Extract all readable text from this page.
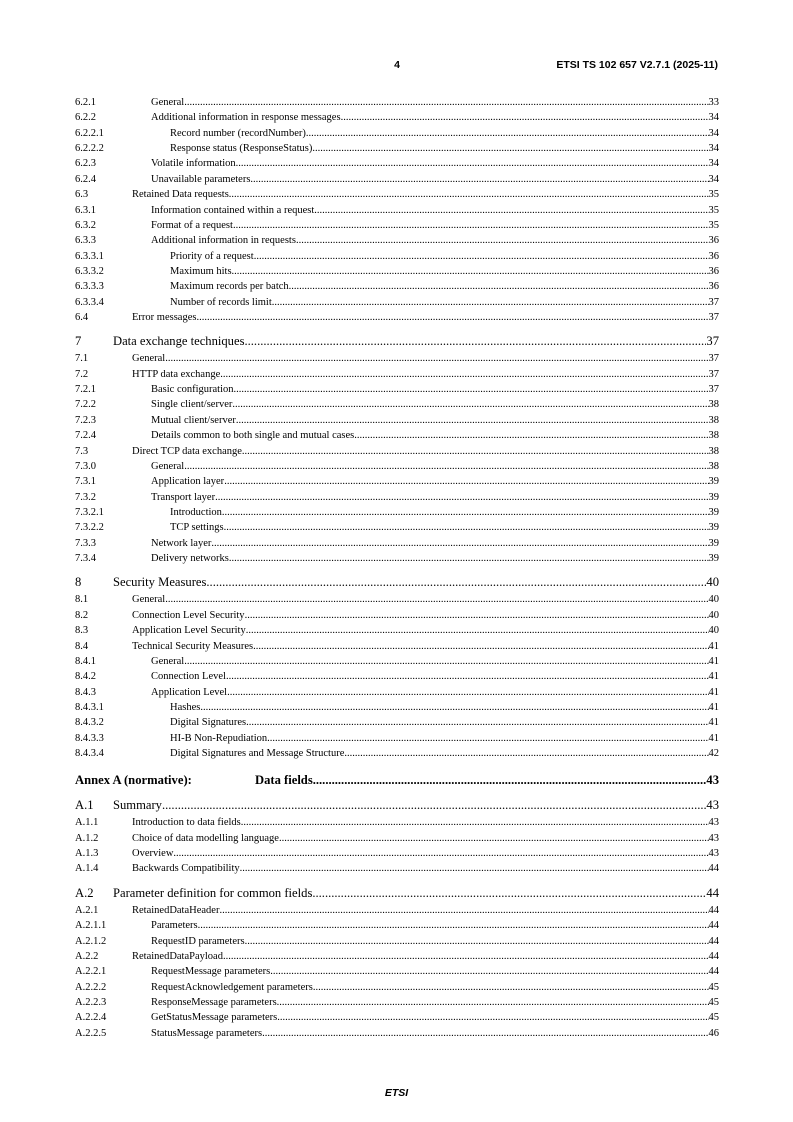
4	ETSI TS 102 657 V2.7.1 (2025-11)
6.2.1	General .....	33
6.2.2	Additional information in response messages .....	34
6.2.2.1	Record number (recordNumber) .....	34
6.2.2.2	Response status (ResponseStatus) .....	34
6.2.3	Volatile information .....	34
6.2.4	Unavailable parameters .....	34
6.3	Retained Data requests .....	35
6.3.1	Information contained within a request .....	35
6.3.2	Format of a request .....	35
6.3.3	Additional information in requests .....	36
6.3.3.1	Priority of a request .....	36
6.3.3.2	Maximum hits .....	36
6.3.3.3	Maximum records per batch .....	36
6.3.3.4	Number of records limit .....	37
6.4	Error messages .....	37
7	Data exchange techniques .....	37
7.1	General .....	37
7.2	HTTP data exchange .....	37
7.2.1	Basic configuration .....	37
7.2.2	Single client/server .....	38
7.2.3	Mutual client/server .....	38
7.2.4	Details common to both single and mutual cases .....	38
7.3	Direct TCP data exchange .....	38
7.3.0	General .....	38
7.3.1	Application layer .....	39
7.3.2	Transport layer .....	39
7.3.2.1	Introduction .....	39
7.3.2.2	TCP settings .....	39
7.3.3	Network layer .....	39
7.3.4	Delivery networks .....	39
8	Security Measures .....	40
8.1	General .....	40
8.2	Connection Level Security .....	40
8.3	Application Level Security .....	40
8.4	Technical Security Measures .....	41
8.4.1	General .....	41
8.4.2	Connection Level .....	41
8.4.3	Application Level .....	41
8.4.3.1	Hashes .....	41
8.4.3.2	Digital Signatures .....	41
8.4.3.3	HI-B Non-Repudiation .....	41
8.4.3.4	Digital Signatures and Message Structure .....	42
Annex A (normative):	Data fields .....	43
A.1	Summary .....	43
A.1.1	Introduction to data fields .....	43
A.1.2	Choice of data modelling language .....	43
A.1.3	Overview .....	43
A.1.4	Backwards Compatibility .....	44
A.2	Parameter definition for common fields .....	44
A.2.1	RetainedDataHeader .....	44
A.2.1.1	Parameters .....	44
A.2.1.2	RequestID parameters .....	44
A.2.2	RetainedDataPayload .....	44
A.2.2.1	RequestMessage parameters .....	44
A.2.2.2	RequestAcknowledgement parameters .....	45
A.2.2.3	ResponseMessage parameters .....	45
A.2.2.4	GetStatusMessage parameters .....	45
A.2.2.5	StatusMessage parameters .....	46
ETSI
